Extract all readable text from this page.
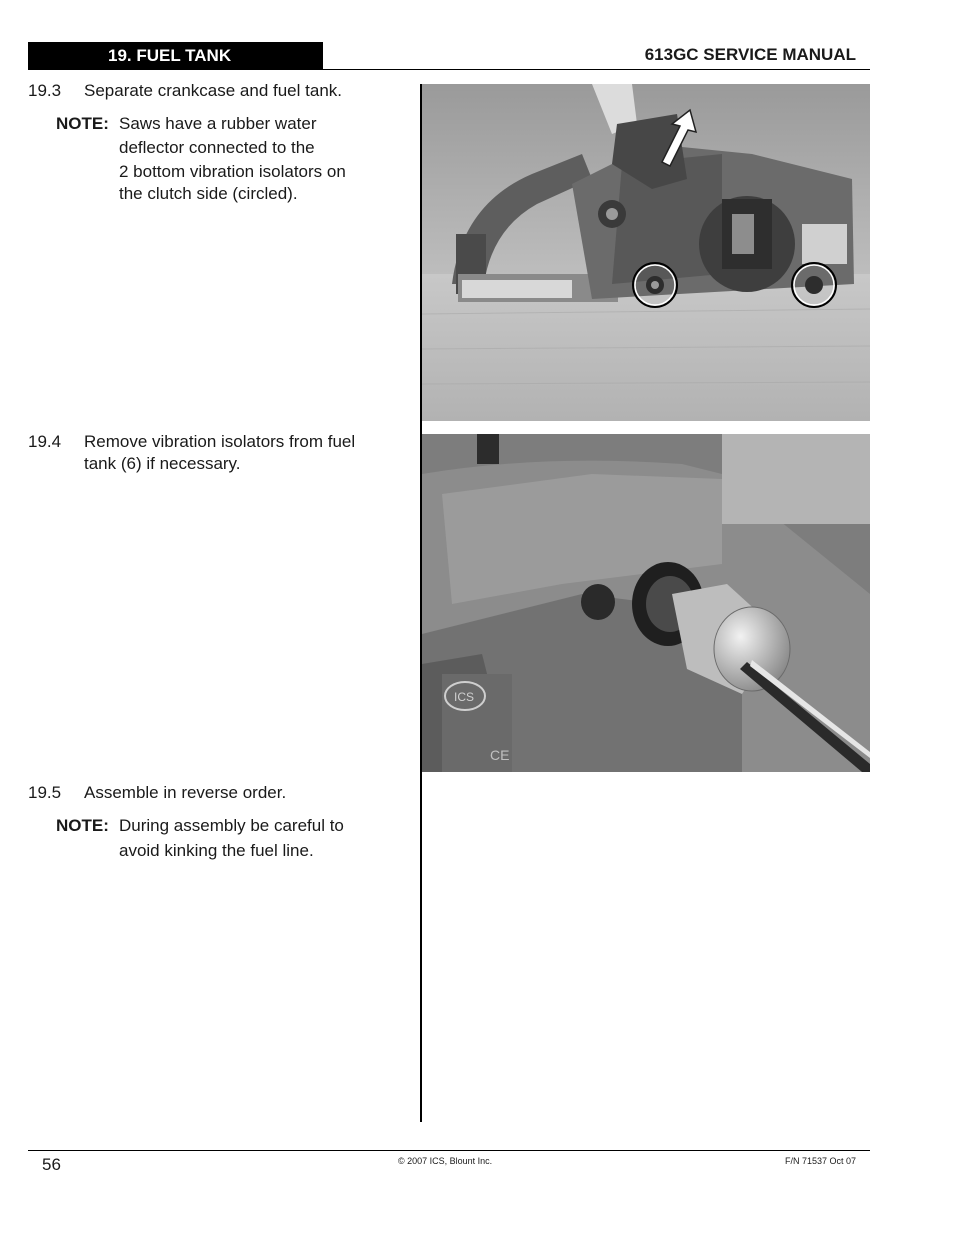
19. FUEL TANK	613GC SERVICE MANUAL
19.3 Separate crankcase and fuel tank.
NOTE: Saws have a rubber water
deflector connected to the
2 bottom vibration isolators on
the clutch side (circled).
19.4 Remove vibration isolators from fuel
tank (6) if necessary.
19.5 Assemble in reverse order.
NOTE: During assembly be careful to
avoid kinking the fuel line.
ICS
CE
56	© 2007 ICS, Blount Inc.	F/N 71537 Oct 07
